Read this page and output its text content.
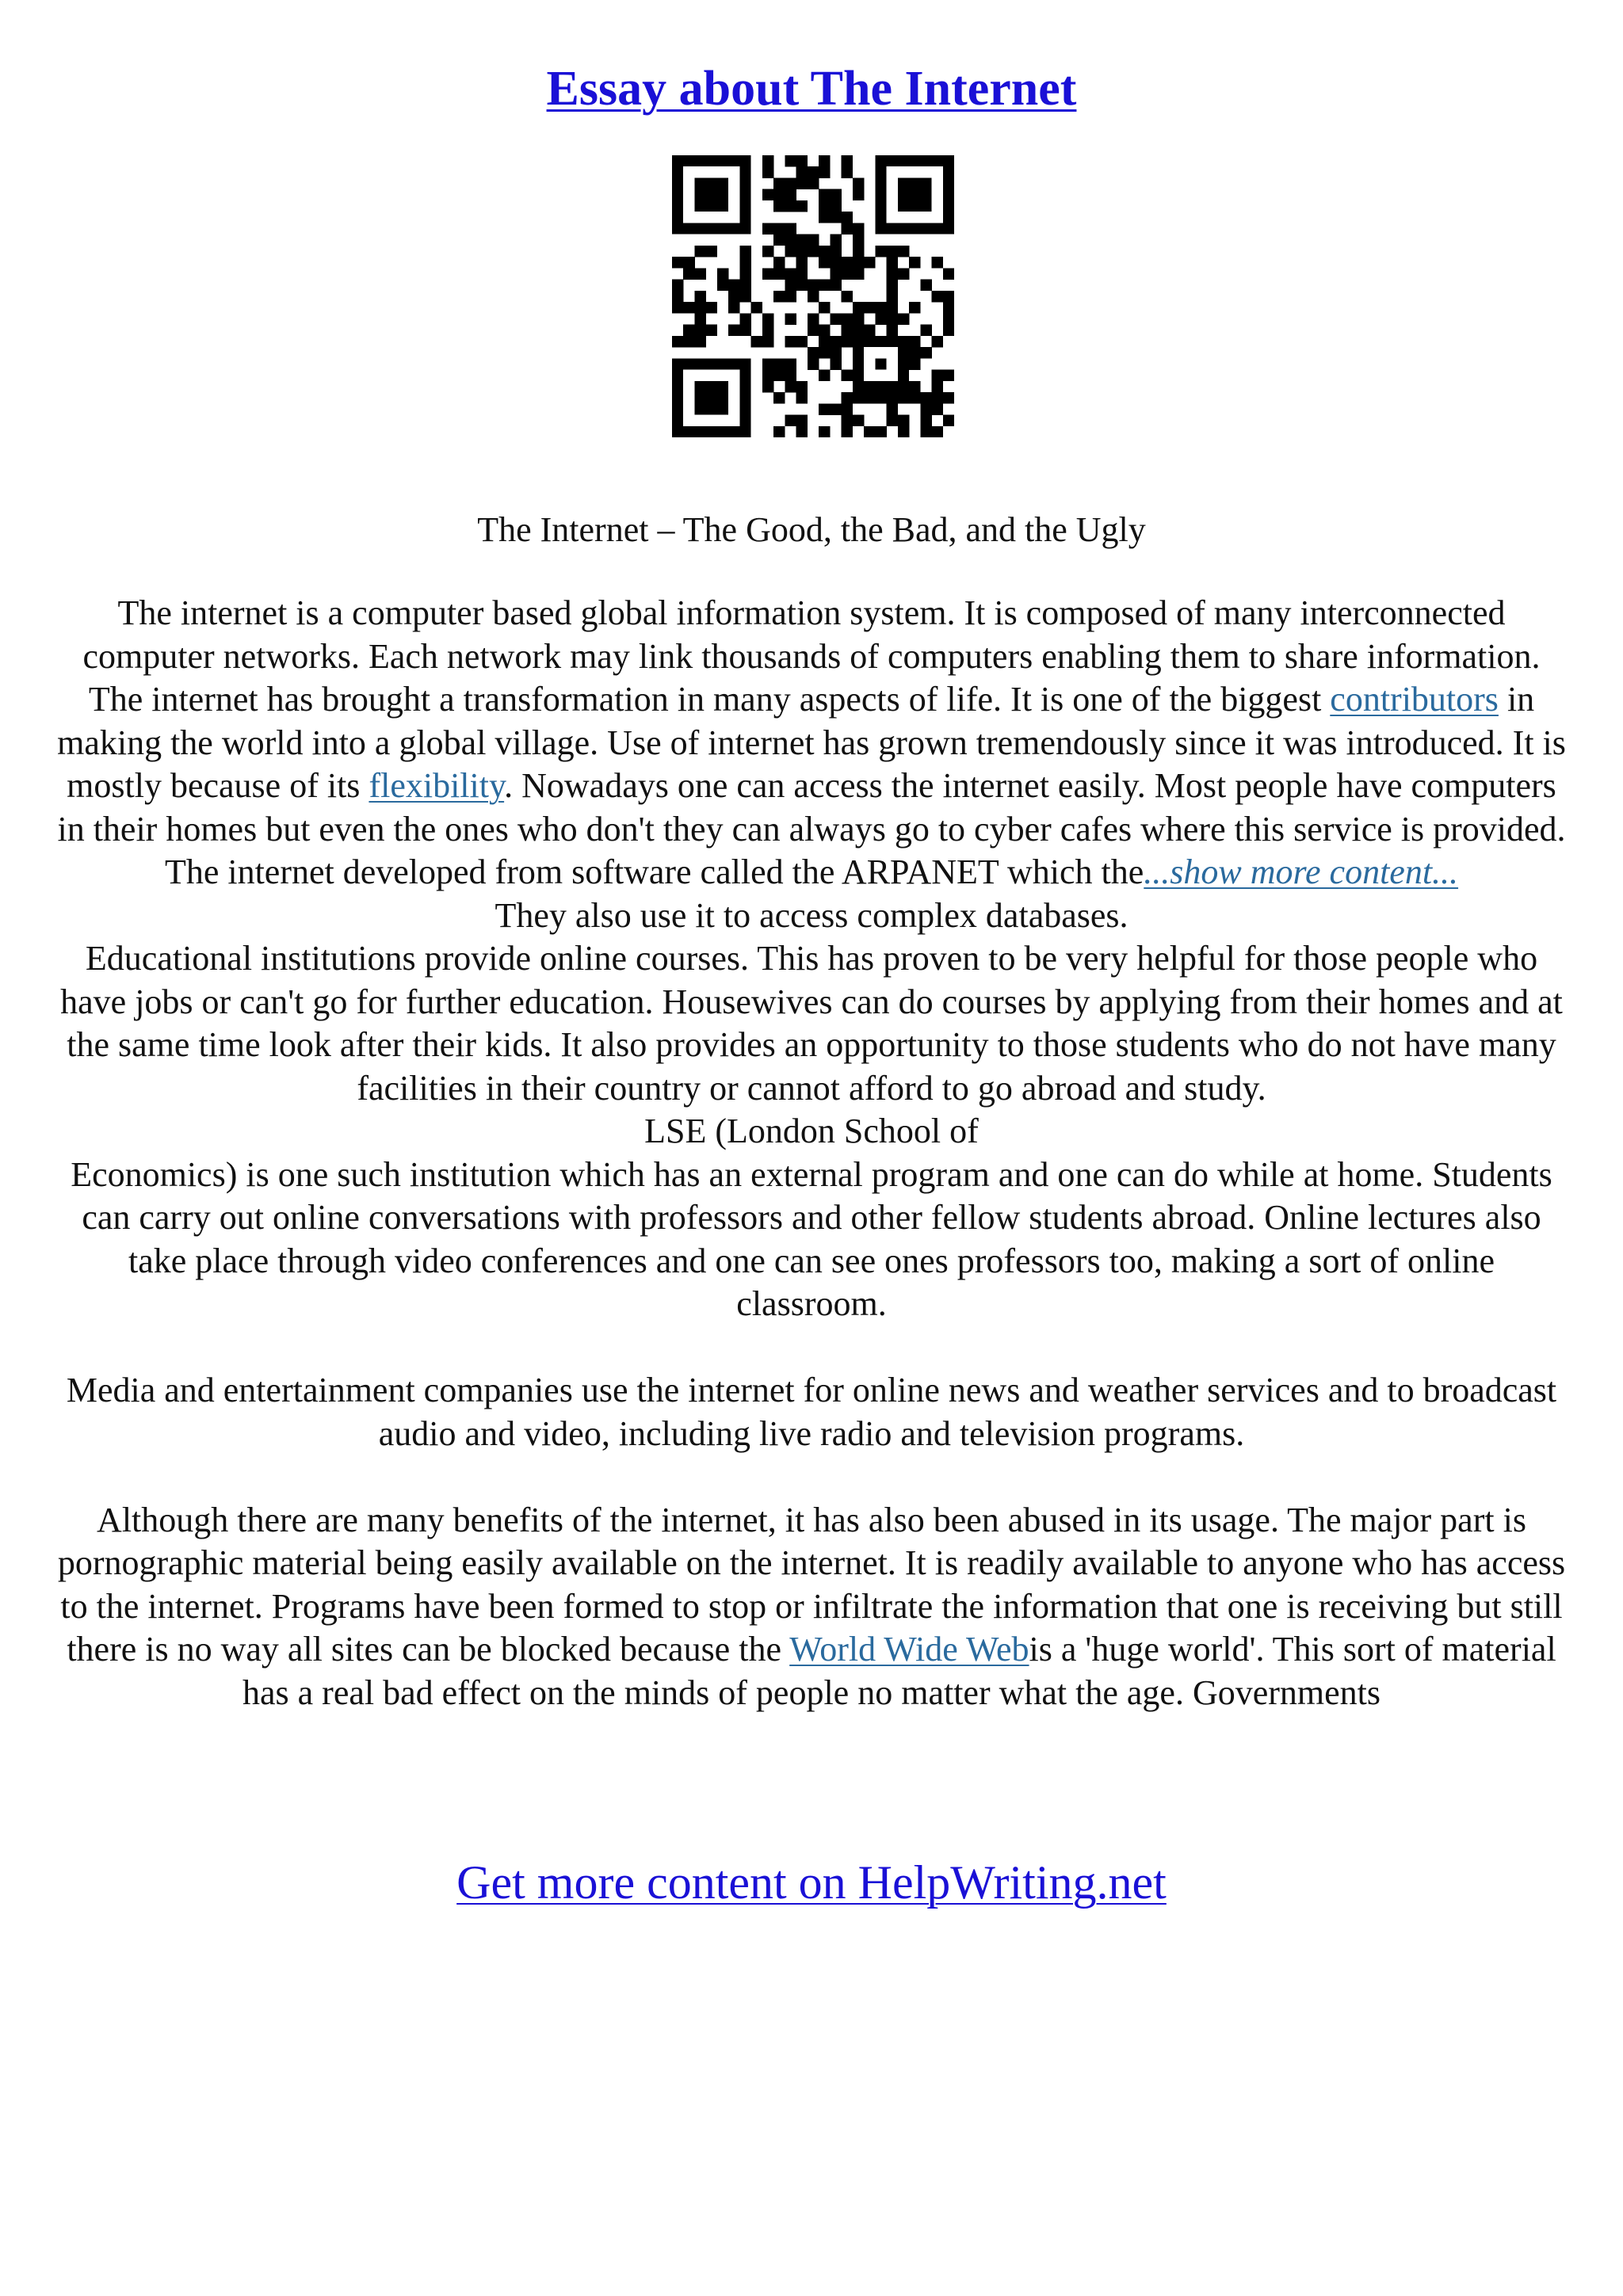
Essay about The Internet
The Internet – The Good, the Bad, and the Ugly

The internet is a computer based global information system. It is composed of many interconnected computer networks. Each network may link thousands of computers enabling them to share information. The internet has brought a transformation in many aspects of life. It is one of the biggest contributors in making the world into a global village. Use of internet has grown tremendously since it was introduced. It is mostly because of its flexibility. Nowadays one can access the internet easily. Most people have computers in their homes but even the ones who don't they can always go to cyber cafes where this service is provided. The internet developed from software called the ARPANET which the...show more content...

They also use it to access complex databases.

Educational institutions provide online courses. This has proven to be very helpful for those people who have jobs or can't go for further education. Housewives can do courses by applying from their homes and at the same time look after their kids. It also provides an opportunity to those students who do not have many facilities in their country or cannot afford to go abroad and study.

LSE (London School of

Economics) is one such institution which has an external program and one can do while at home. Students can carry out online conversations with professors and other fellow students abroad. Online lectures also take place through video conferences and one can see ones professors too, making a sort of online classroom.

Media and entertainment companies use the internet for online news and weather services and to broadcast audio and video, including live radio and television programs.

Although there are many benefits of the internet, it has also been abused in its usage. The major part is pornographic material being easily available on the internet. It is readily available to anyone who has access to the internet. Programs have been formed to stop or infiltrate the information that one is receiving but still there is no way all sites can be blocked because the World Wide Webis a 'huge world'. This sort of material has a real bad effect on the minds of people no matter what the age. Governments

Get more content on HelpWriting.net
